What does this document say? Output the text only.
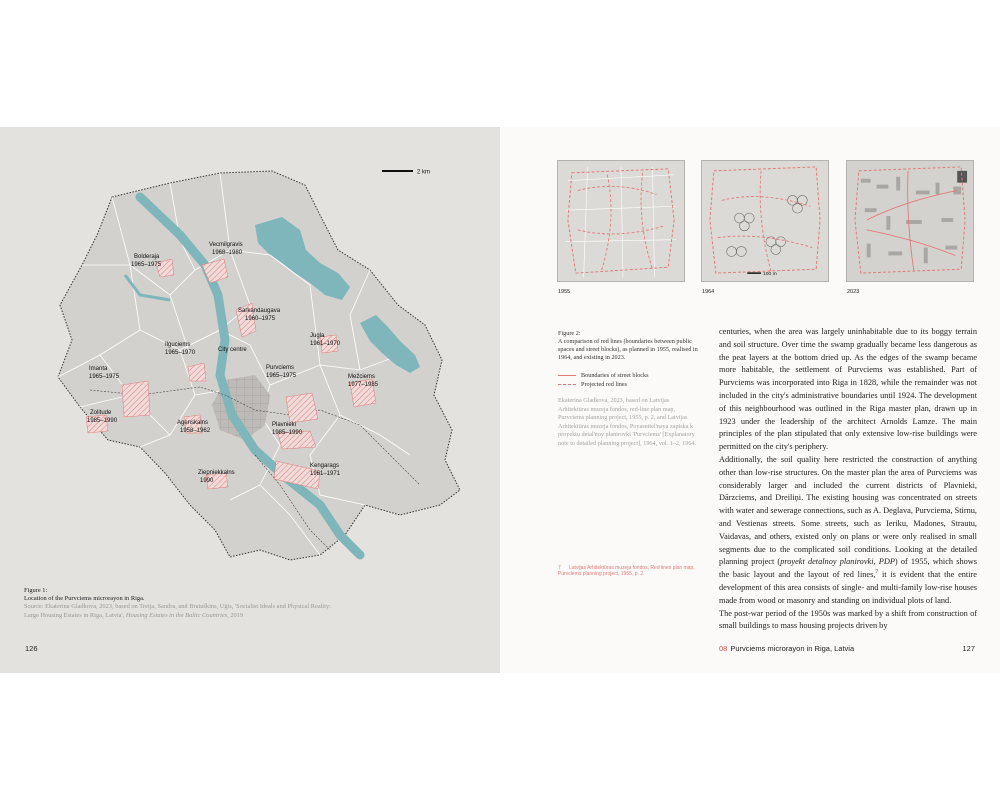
2 km
Vecmilgravis
1968–1980
Bolderaja
1965–1975
Sarkandaugava
1960–1975
Jugla
1961–1970
Ilguciems
1965–1970	City centre
Imanta
1965–1975
Purvciems
1965–1975	Mežciems
1977–1985
Zolitude
1985–1990	Agenskalns
1958–1962
Plavnieki
1985–1990
Kengarags
1961–1971
Ziepniekkalns
1990
Figure 1:
Location of the Purvciems microrayon in Riga.
Source: Ekaterina Gladkova, 2023, based on Treija, Sandra, and Bratuškins, Uģis, 'Socialist Ideals and Physical Reality: Large Housing Estates in Riga, Latvia', Housing Estates in the Baltic Countries, 2019
126
100 m
1955	1964	2023
Figure 2:
A comparison of red lines (boundaries between public spaces and street blocks), as planned in 1955, realised in 1964, and existing in 2023.
Boundaries of street blocks
Projected red lines
Ekaterina Gladkova, 2023, based on Latvijas Arhitektūras muzeja fondos, red-line plan map, Purvciems planning project, 1955, p. 2, and Latvijas Arhitektūras muzeja fondos, Poyasnitel'naya zapiska k proyektu detal'noy planirovki 'Purvciems' [Explanatory note to detailed planning project], 1964, vol. 1–2, 1964.
7 Latvijas Arhitektūras muzeja fondos, Red lines plan map, Purvciems planning project, 1955, p. 2.

centuries, when the area was largely uninhabitable due to its boggy terrain and soil structure. Over time the swamp gradually became less dangerous as the peat layers at the bottom dried up. As the edges of the swamp became more habitable, the settlement of Purvciems was established. Part of Purvciems was incorporated into Riga in 1828, while the remainder was not included in the city's administrative boundaries until 1924. The development of this neighbourhood was outlined in the Riga master plan, drawn up in 1923 under the leadership of the architect Arnolds Lamze. The main principles of the plan stipulated that only extensive low-rise buildings were permitted on the city's periphery.

Additionally, the soil quality here restricted the construction of anything other than low-rise structures. On the master plan the area of Purvciems was considerably larger and included the current districts of Plavnieki, Dārzciems, and Dreiliņi. The existing housing was concentrated on streets with water and sewerage connections, such as A. Deglava, Purvciema, Stirnu, and Vestienas streets. Some streets, such as Ieriku, Madones, Strautu, Vaidavas, and others, existed only on plans or were only realised in small segments due to the complicated soil conditions. Looking at the detailed planning project (proyekt detalnoy planirovki, PDP) of 1955, which shows the basic layout and the layout of red lines,$^7$ it is evident that the entire development of this area consists of single- and multi-family low-rise houses made from wood or masonry and standing on individual plots of land.

The post-war period of the 1950s was marked by a shift from construction of small buildings to mass housing projects driven by

08 Purvciems microrayon in Riga, Latvia	127
